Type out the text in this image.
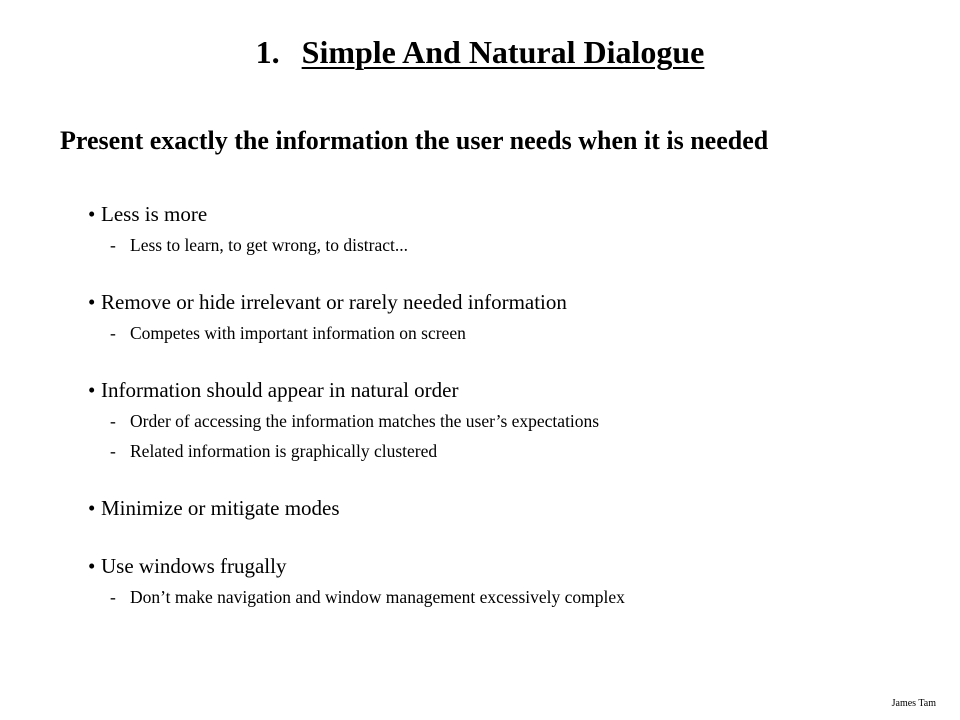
1. Simple And Natural Dialogue
Present exactly the information the user needs when it is needed
• Less is more
- Less to learn, to get wrong, to distract...
• Remove or hide irrelevant or rarely needed information
- Competes with important information on screen
• Information should appear in natural order
- Order of accessing the information matches the user’s expectations
- Related information is graphically clustered
• Minimize or mitigate modes
• Use windows frugally
- Don’t make navigation and window management excessively complex
James Tam
